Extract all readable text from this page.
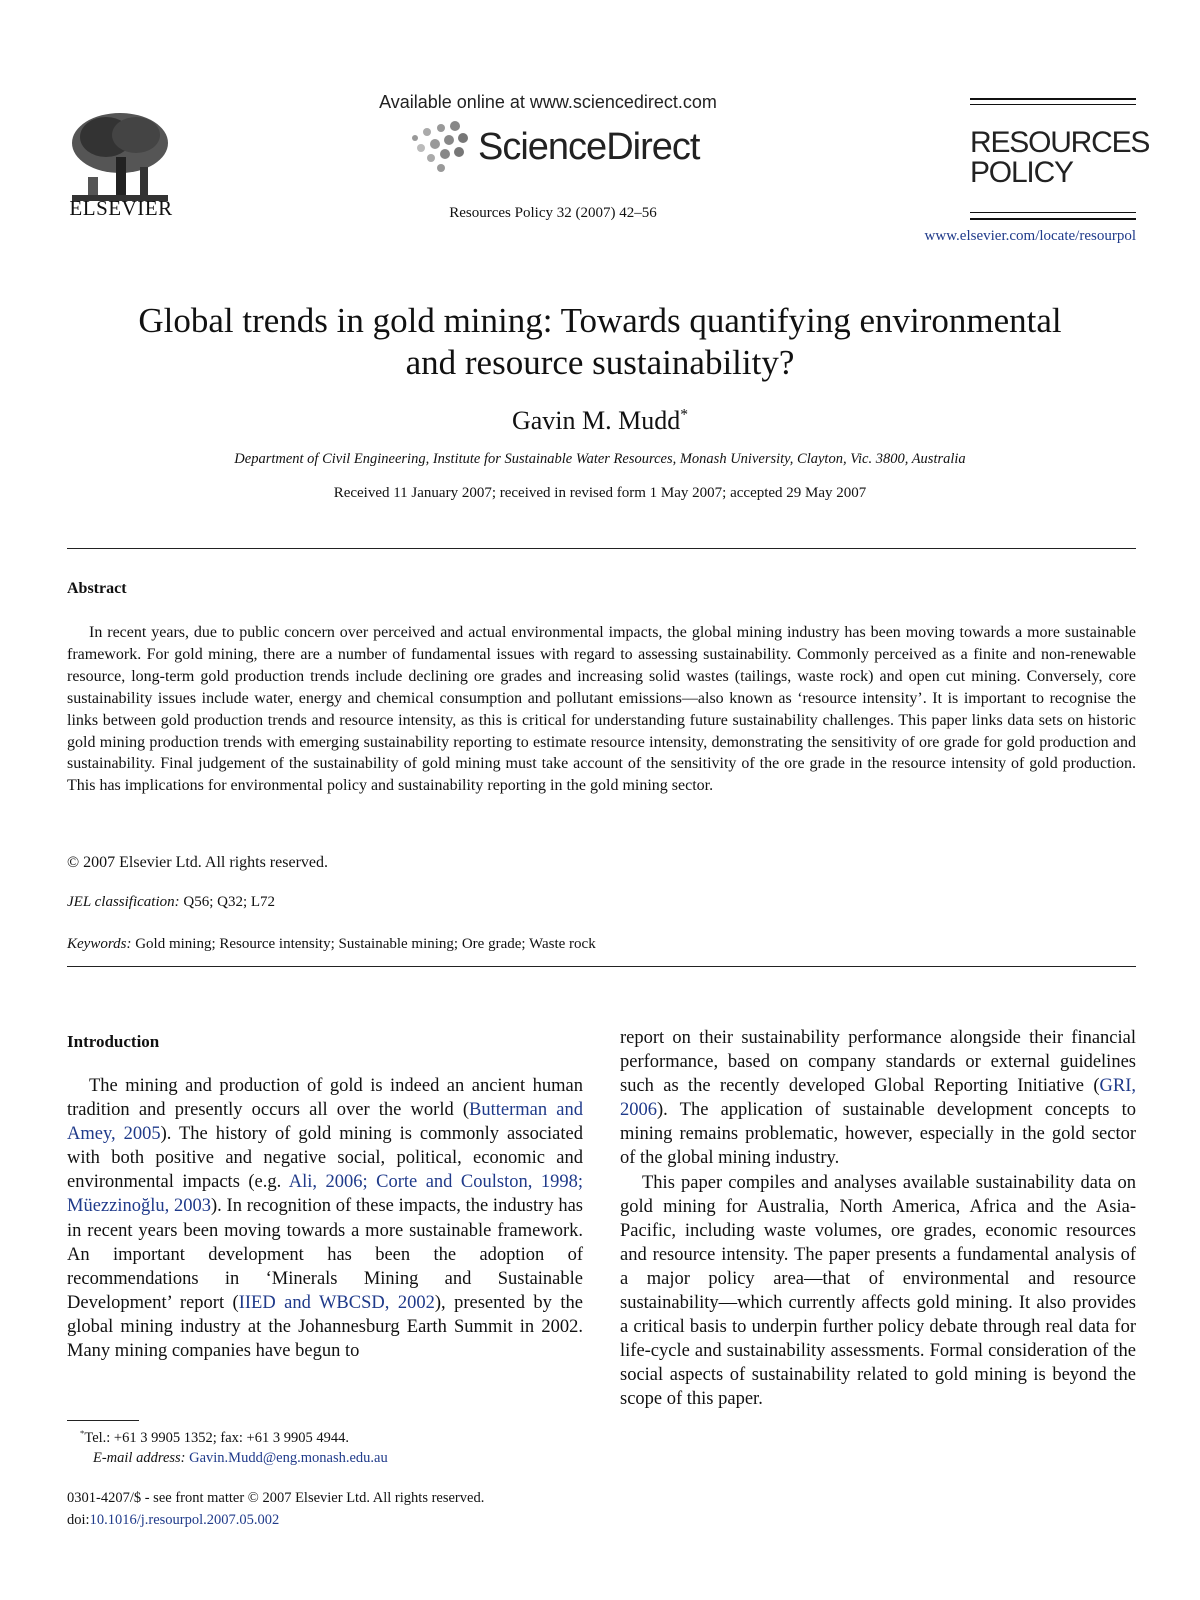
ELSEVIER
Available online at www.sciencedirect.com
ScienceDirect
Resources Policy 32 (2007) 42–56
RESOURCES
POLICY
www.elsevier.com/locate/resourpol
Global trends in gold mining: Towards quantifying environmental
and resource sustainability?
Gavin M. Mudd*
Department of Civil Engineering, Institute for Sustainable Water Resources, Monash University, Clayton, Vic. 3800, Australia
Received 11 January 2007; received in revised form 1 May 2007; accepted 29 May 2007
Abstract

In recent years, due to public concern over perceived and actual environmental impacts, the global mining industry has been moving towards a more sustainable framework. For gold mining, there are a number of fundamental issues with regard to assessing sustainability. Commonly perceived as a finite and non-renewable resource, long-term gold production trends include declining ore grades and increasing solid wastes (tailings, waste rock) and open cut mining. Conversely, core sustainability issues include water, energy and chemical consumption and pollutant emissions—also known as ‘resource intensity’. It is important to recognise the links between gold production trends and resource intensity, as this is critical for understanding future sustainability challenges. This paper links data sets on historic gold mining production trends with emerging sustainability reporting to estimate resource intensity, demonstrating the sensitivity of ore grade for gold production and sustainability. Final judgement of the sustainability of gold mining must take account of the sensitivity of the ore grade in the resource intensity of gold production. This has implications for environmental policy and sustainability reporting in the gold mining sector.

© 2007 Elsevier Ltd. All rights reserved.
JEL classification: Q56; Q32; L72
Keywords: Gold mining; Resource intensity; Sustainable mining; Ore grade; Waste rock
Introduction

The mining and production of gold is indeed an ancient human tradition and presently occurs all over the world (Butterman and Amey, 2005). The history of gold mining is commonly associated with both positive and negative social, political, economic and environmental impacts (e.g. Ali, 2006; Corte and Coulston, 1998; Müezzinoğlu, 2003). In recognition of these impacts, the industry has in recent years been moving towards a more sustainable framework. An important development has been the adoption of recommendations in ‘Minerals Mining and Sustainable Development’ report (IIED and WBCSD, 2002), presented by the global mining industry at the Johannesburg Earth Summit in 2002. Many mining companies have begun to

report on their sustainability performance alongside their financial performance, based on company standards or external guidelines such as the recently developed Global Reporting Initiative (GRI, 2006). The application of sustainable development concepts to mining remains problematic, however, especially in the gold sector of the global mining industry.

This paper compiles and analyses available sustainability data on gold mining for Australia, North America, Africa and the Asia-Pacific, including waste volumes, ore grades, economic resources and resource intensity. The paper presents a fundamental analysis of a major policy area—that of environmental and resource sustainability—which currently affects gold mining. It also provides a critical basis to underpin further policy debate through real data for life-cycle and sustainability assessments. Formal consideration of the social aspects of sustainability related to gold mining is beyond the scope of this paper.

*Tel.: +61 3 9905 1352; fax: +61 3 9905 4944.
E-mail address: Gavin.Mudd@eng.monash.edu.au
0301-4207/$ - see front matter © 2007 Elsevier Ltd. All rights reserved.
doi:10.1016/j.resourpol.2007.05.002
